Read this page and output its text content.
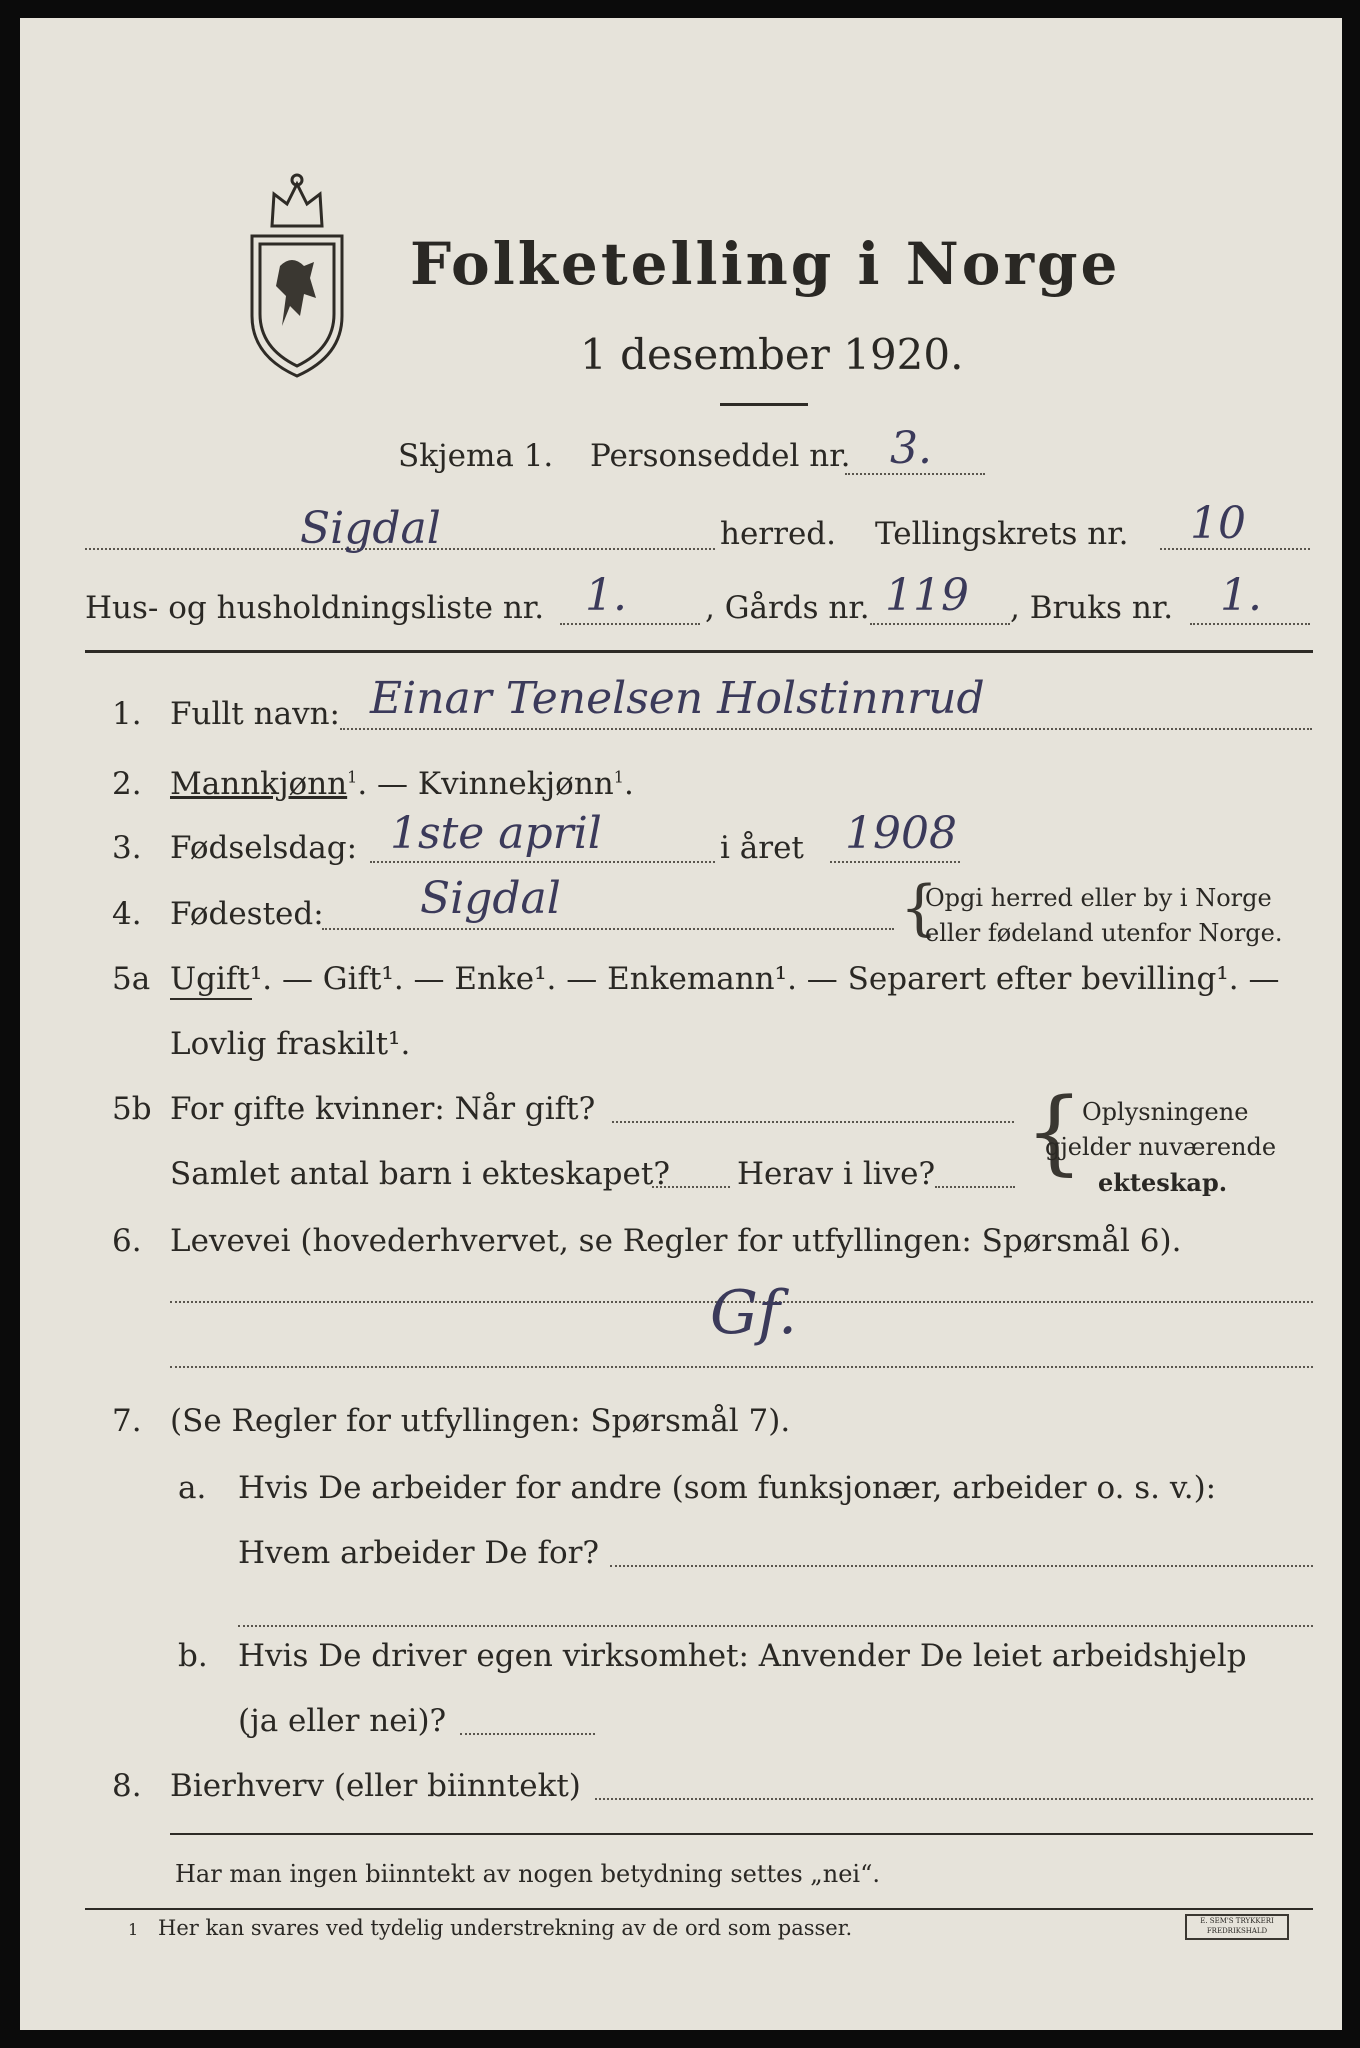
Folketelling i Norge
1 desember 1920.
Skjema 1. Personseddel nr. 3.
Sigdal	herred. Tellingskrets nr. 10
Hus- og husholdningsliste nr. 1.	, Gårds nr. 119 , Bruks nr. 1.
1. Fullt navn: Einar Tenelsen Holstinnrud
2. Mannkjønn$^1$. — Kvinnekjønn$^1$.
3. Fødselsdag: 1ste april	i året 1908
4. Fødested: Sigdal	{
Opgi herred eller by i Norge
eller fødeland utenfor Norge.
5a Ugift¹. — Gift¹. — Enke¹. — Enkemann¹. — Separert efter bevilling¹. —
Lovlig fraskilt¹.
5b For gifte kvinner: Når gift?
Samlet antal barn i ekteskapet? Herav i live? {
Oplysningene
gjelder nuværende
ekteskap.
6. Levevei (hovederhvervet, se Regler for utfyllingen: Spørsmål 6).
Gf.
7. (Se Regler for utfyllingen: Spørsmål 7).
a. Hvis De arbeider for andre (som funksjonær, arbeider o. s. v.):
Hvem arbeider De for?
b. Hvis De driver egen virksomhet: Anvender De leiet arbeidshjelp
(ja eller nei)?
8. Bierhverv (eller biinntekt)
Har man ingen biinntekt av nogen betydning settes „nei“.
1 Her kan svares ved tydelig understrekning av de ord som passer.	E. SEM'S TRYKKERI FREDRIKSHALD
